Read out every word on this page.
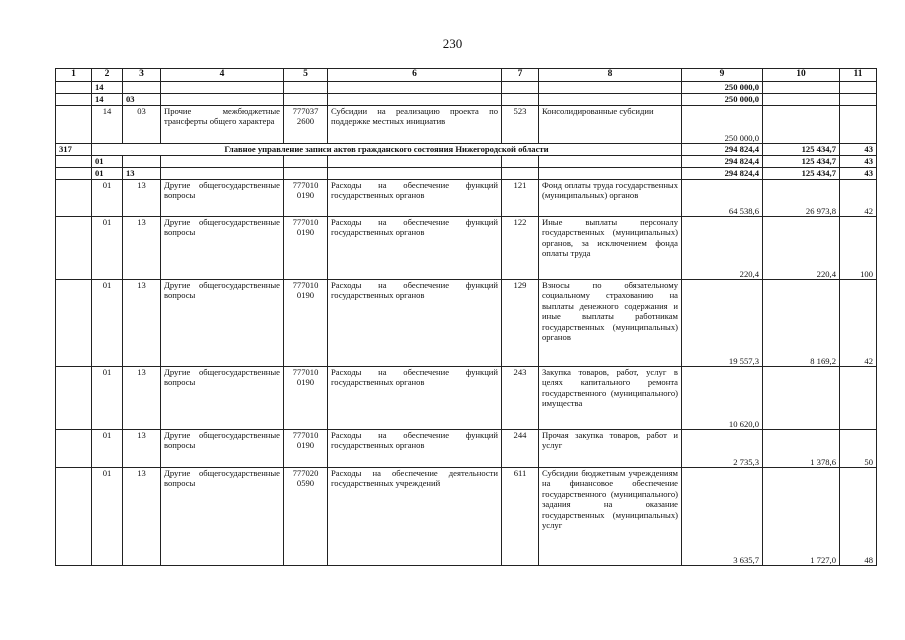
230
1	2	3	4	5	6	7	8	9	10	11
	14							250 000,0		
	14	03						250 000,0		
	14	03	Прочие межбюджетные трансферты общего характера	777037 2600	Субсидии на реализацию проекта по поддержке местных инициатив	523	Консолидированные субсидии	250 000,0		
317	Главное управление записи актов гражданского состояния Нижегородской области							294 824,4	125 434,7	43
	01							294 824,4	125 434,7	43
	01	13						294 824,4	125 434,7	43
	01	13	Другие общегосударственные вопросы	777010 0190	Расходы на обеспечение функций государственных органов	121	Фонд оплаты труда государственных (муниципальных) органов	64 538,6	26 973,8	42
	01	13	Другие общегосударственные вопросы	777010 0190	Расходы на обеспечение функций государственных органов	122	Иные выплаты персоналу государственных (муниципальных) органов, за исключением фонда оплаты труда	220,4	220,4	100
	01	13	Другие общегосударственные вопросы	777010 0190	Расходы на обеспечение функций государственных органов	129	Взносы по обязательному социальному страхованию на выплаты денежного содержания и иные выплаты работникам государственных (муниципальных) органов	19 557,3	8 169,2	42
	01	13	Другие общегосударственные вопросы	777010 0190	Расходы на обеспечение функций государственных органов	243	Закупка товаров, работ, услуг в целях капитального ремонта государственного (муниципального) имущества	10 620,0		
	01	13	Другие общегосударственные вопросы	777010 0190	Расходы на обеспечение функций государственных органов	244	Прочая закупка товаров, работ и услуг	2 735,3	1 378,6	50
	01	13	Другие общегосударственные вопросы	777020 0590	Расходы на обеспечение деятельности государственных учреждений	611	Субсидии бюджетным учреждениям на финансовое обеспечение государственного (муниципального) задания на оказание государственных (муниципальных) услуг	3 635,7	1 727,0	48
